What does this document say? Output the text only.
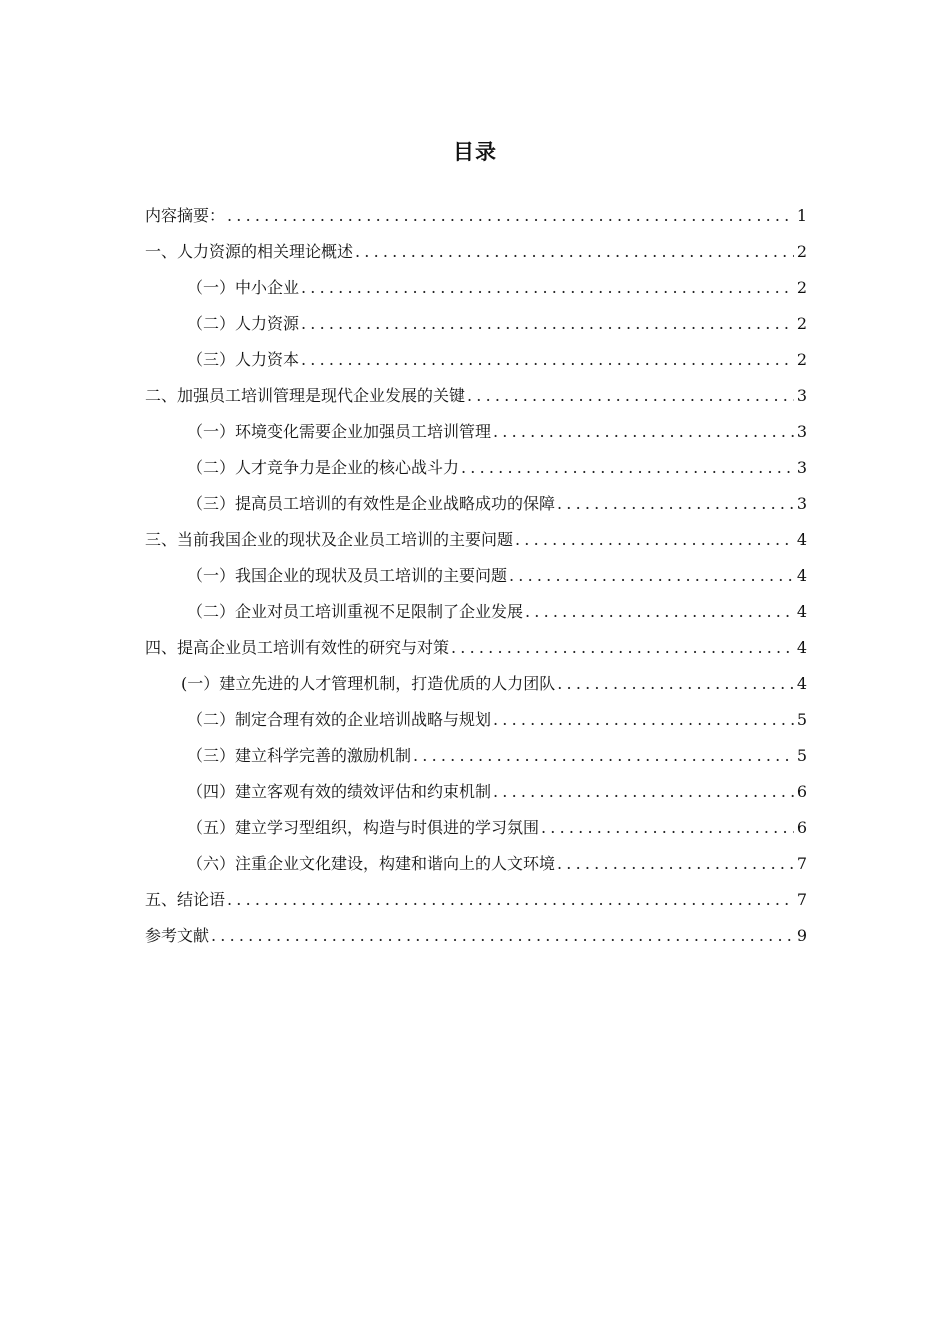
目录
内容摘要： .....	1
一、人力资源的相关理论概述 .....	2
（一）中小企业 .....	2
（二）人力资源 .....	2
（三）人力资本 .....	2
二、加强员工培训管理是现代企业发展的关键 .....	3
（一）环境变化需要企业加强员工培训管理 .....	3
（二）人才竞争力是企业的核心战斗力 .....	3
（三）提高员工培训的有效性是企业战略成功的保障 .....	3
三、当前我国企业的现状及企业员工培训的主要问题 .....	4
（一）我国企业的现状及员工培训的主要问题 .....	4
（二）企业对员工培训重视不足限制了企业发展 .....	4
四、提高企业员工培训有效性的研究与对策 .....	4
(一）建立先进的人才管理机制，打造优质的人力团队 .....	4
（二）制定合理有效的企业培训战略与规划 .....	5
（三）建立科学完善的激励机制 .....	5
（四）建立客观有效的绩效评估和约束机制 .....	6
（五）建立学习型组织，构造与时俱进的学习氛围 .....	6
（六）注重企业文化建设，构建和谐向上的人文环境 .....	7
五、结论语 .....	7
参考文献 .....	9
